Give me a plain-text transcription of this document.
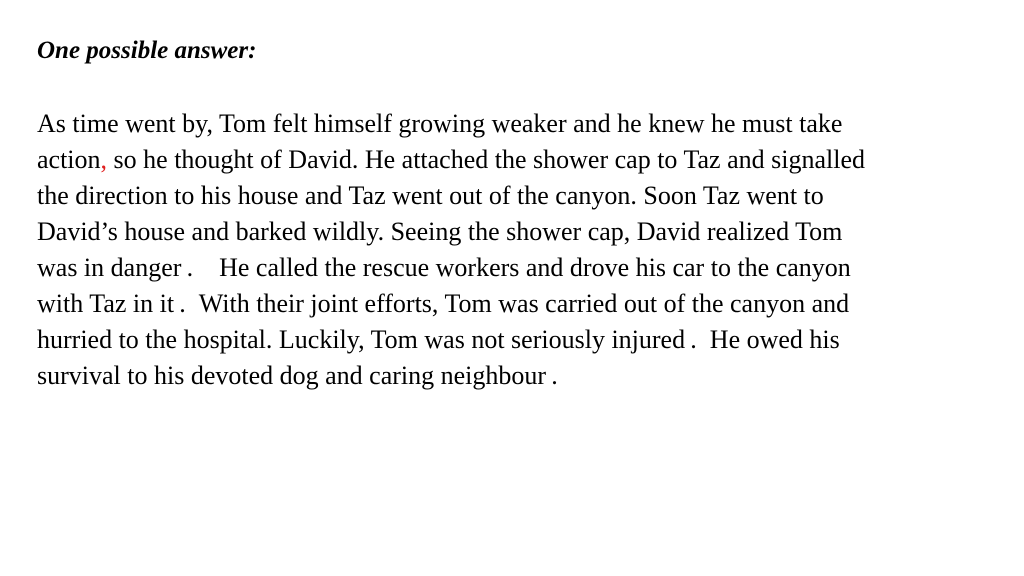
One possible answer:
As time went by, Tom felt himself growing weaker and he knew he must take
action, so he thought of David. He attached the shower cap to Taz and signalled
the direction to his house and Taz went out of the canyon. Soon Taz went to
David’s house and barked wildly. Seeing the shower cap, David realized Tom
was in danger . He called the rescue workers and drove his car to the canyon
with Taz in it . With their joint efforts, Tom was carried out of the canyon and
hurried to the hospital. Luckily, Tom was not seriously injured . He owed his
survival to his devoted dog and caring neighbour .
